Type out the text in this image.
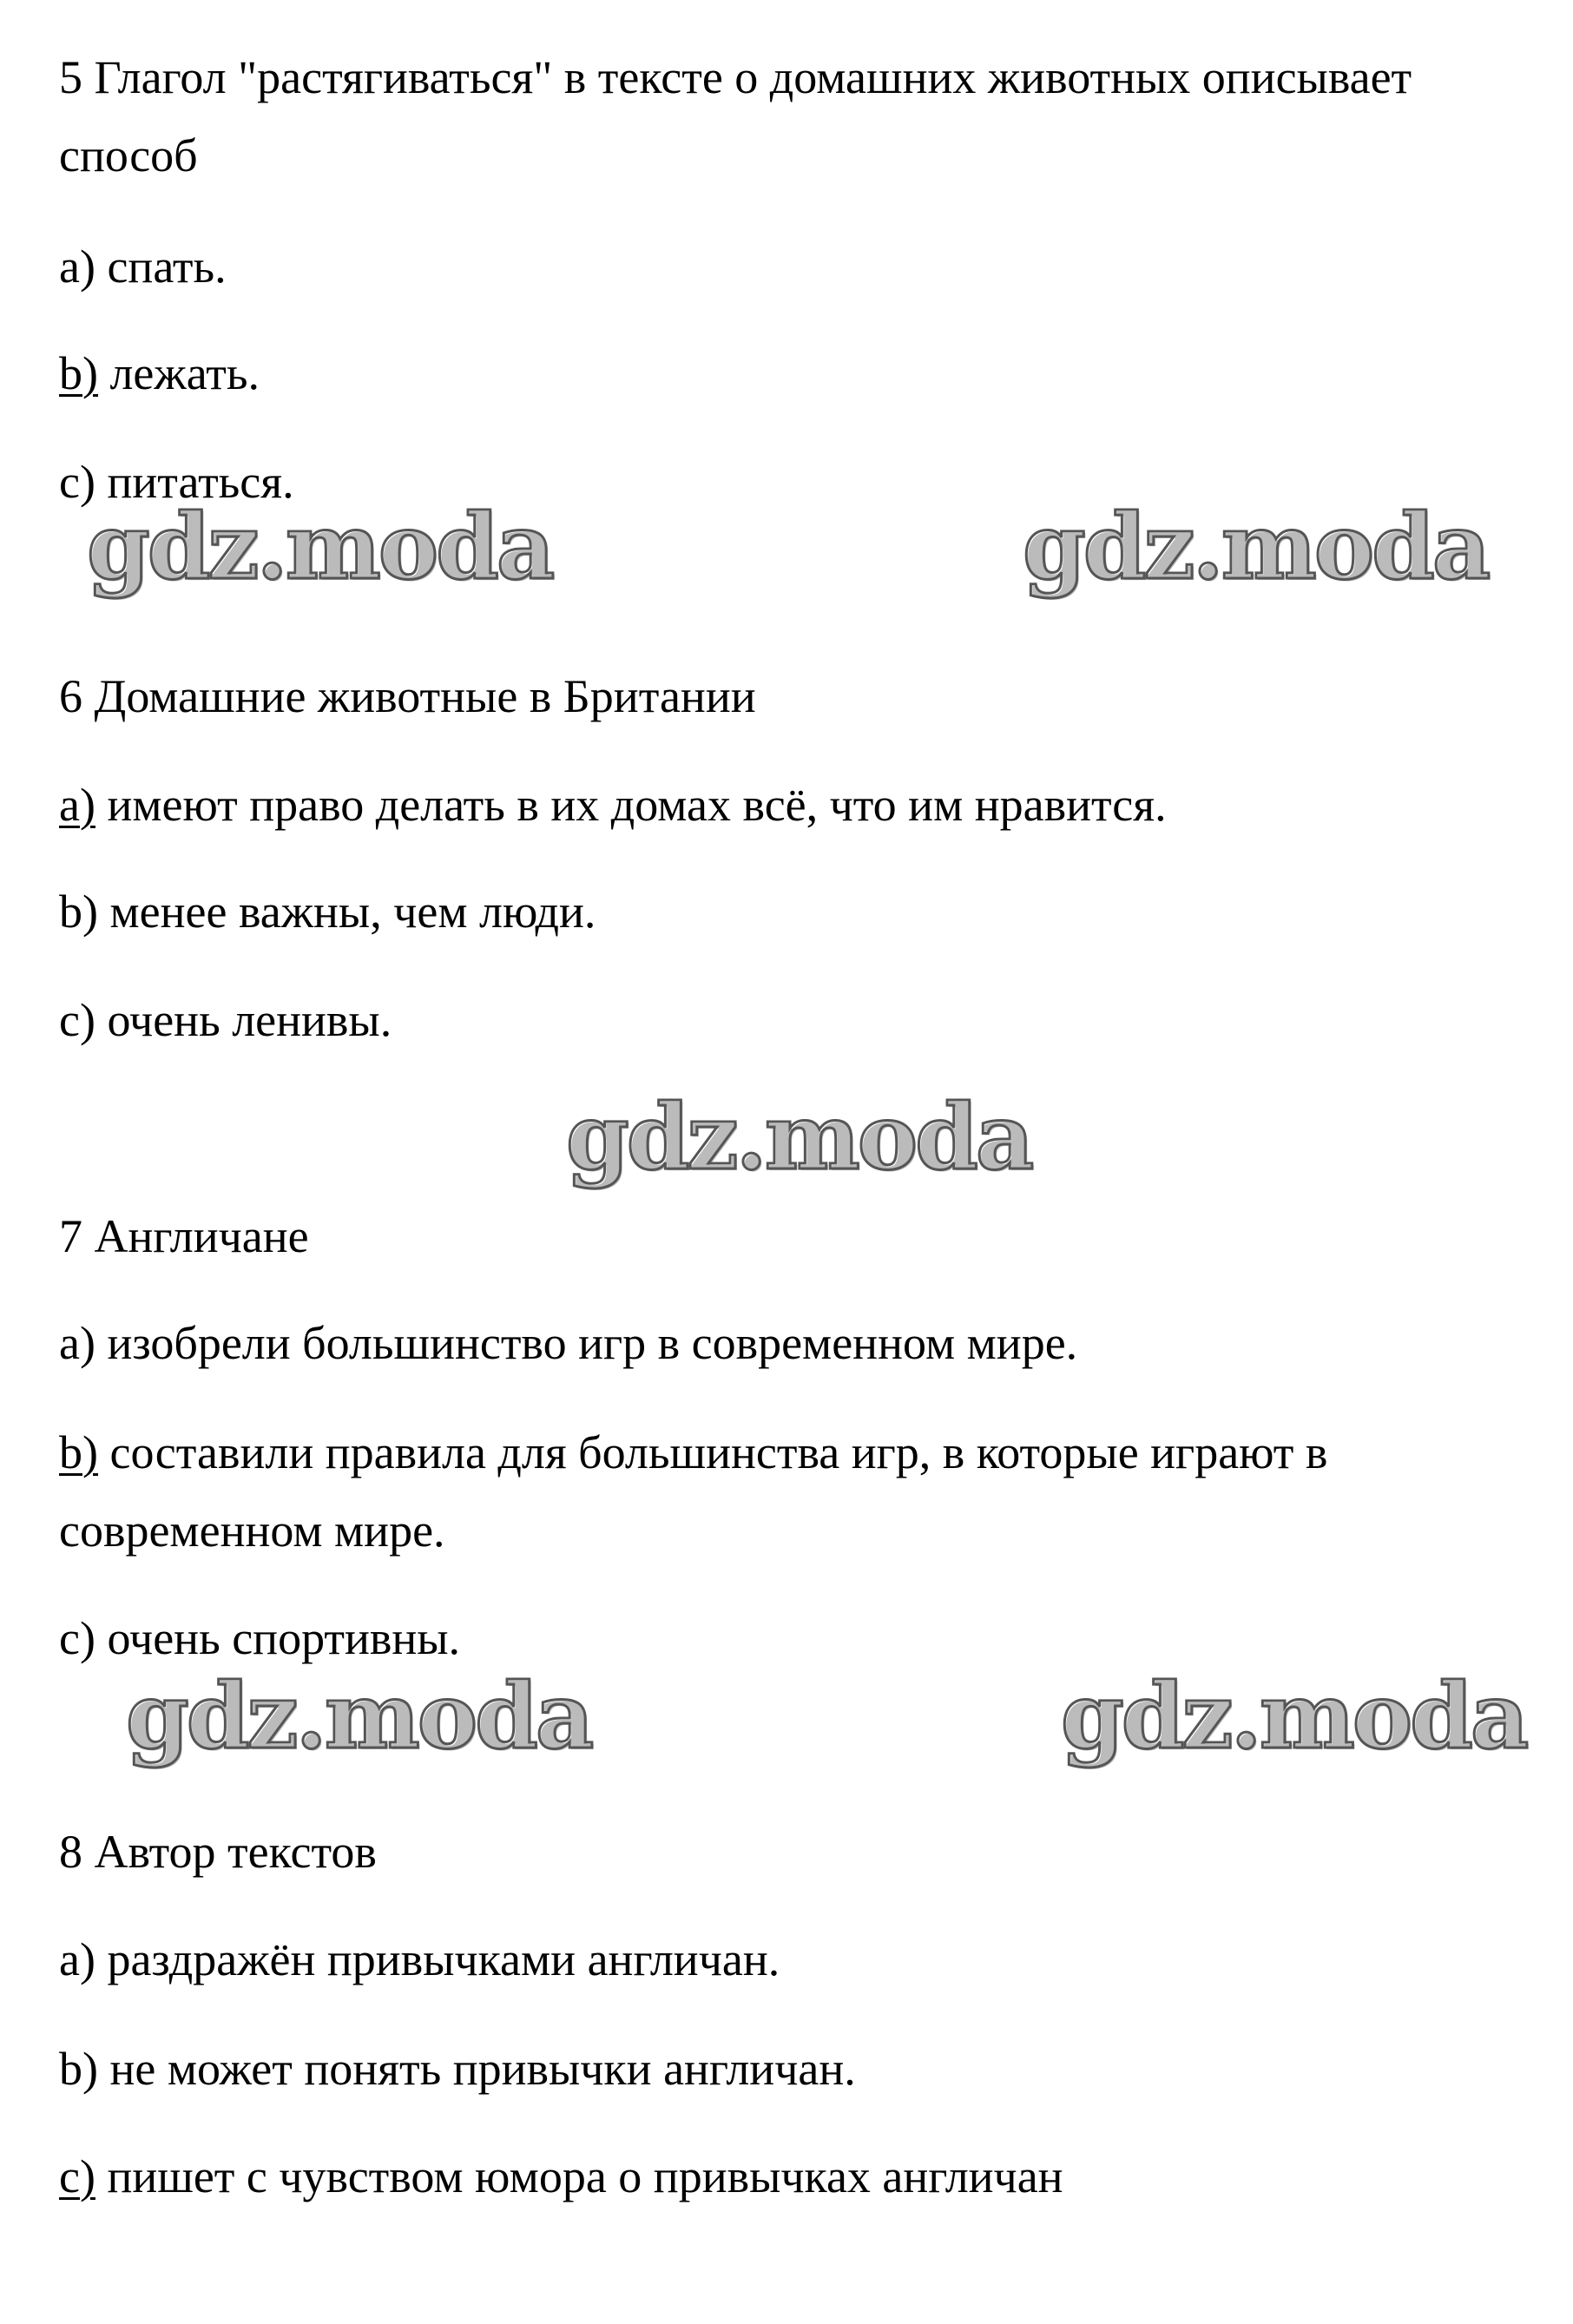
5 Глагол "растягиваться" в тексте о домашних животных описывает
способ
a) спать.
b) лежать.
c) питаться.
gdz.moda	gdz.moda
6 Домашние животные в Британии
a) имеют право делать в их домах всё, что им нравится.
b) менее важны, чем люди.
c) очень ленивы.
gdz.moda
7 Англичане
a) изобрели большинство игр в современном мире.
b) составили правила для большинства игр, в которые играют в
современном мире.
c) очень спортивны.
gdz.moda	gdz.moda
8 Автор текстов
a) раздражён привычками англичан.
b) не может понять привычки англичан.
c) пишет с чувством юмора о привычках англичан
